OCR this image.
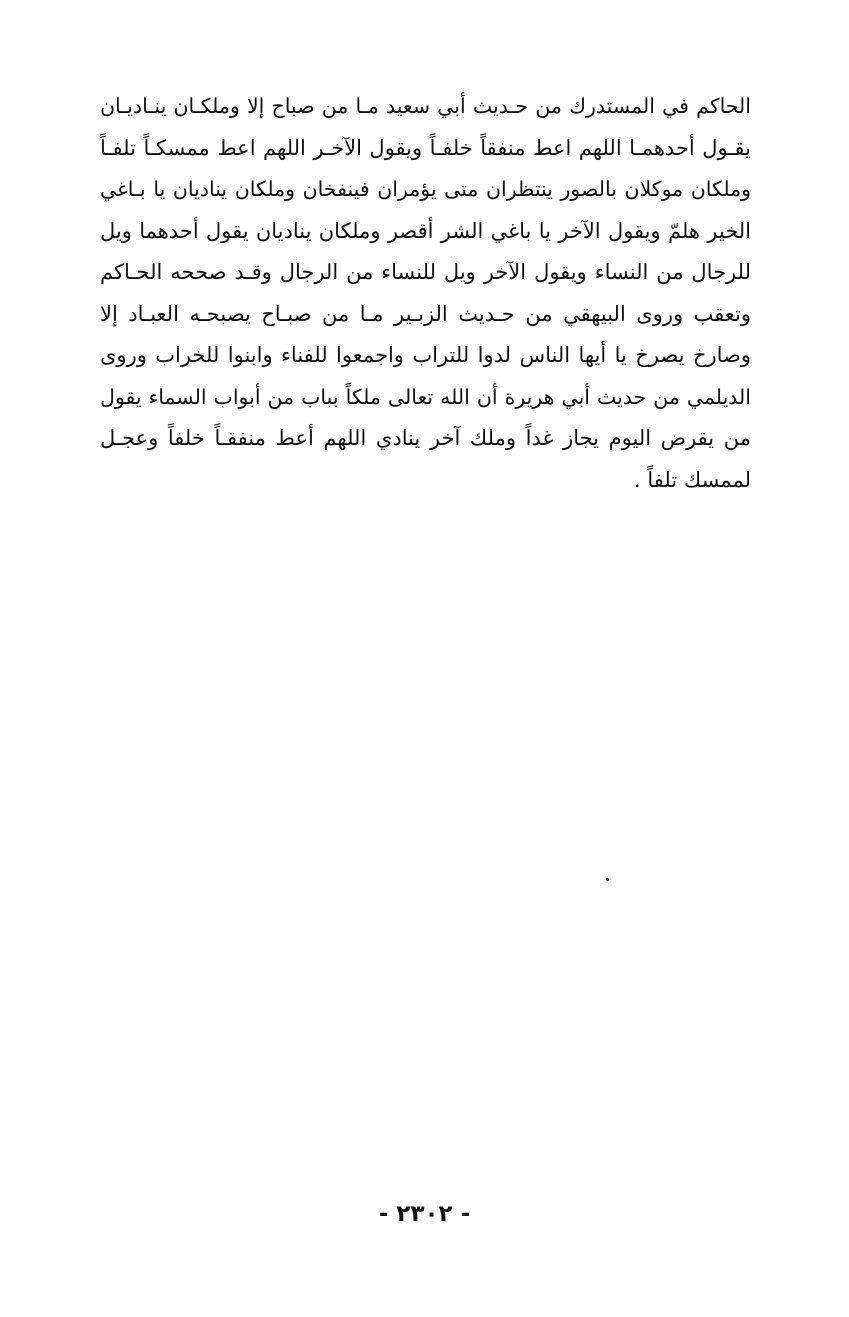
الحاكم في المستدرك من حـديث أبي سعيد مـا من صباح إلا وملكـان ينـاديـان
يقـول أحدهمـا اللهم اعط منفقاً خلفـاً ويقول الآخـر اللهم اعط ممسكـاً تلفـاً
وملكان موكلان بالصور ينتظران متى يؤمران فينفخان وملكان يناديان يا بـاغي
الخير هلمّ ويقول الآخر يا باغي الشر أقصر وملكان يناديان يقول أحدهما ويل
للرجال من النساء ويقول الآخر ويل للنساء من الرجال وقـد صححه الحـاكم
وتعقب وروى البيهقي من حـديث الزبـير مـا من صبـاح يصبحـه العبـاد إلا
وصارخ يصرخ يا أيها الناس لدوا للتراب واجمعوا للفناء وابنوا للخراب وروى
الديلمي من حديث أبي هريرة أن الله تعالى ملكاً بباب من أبواب السماء يقول
من يقرض اليوم يجاز غداً وملك آخر ينادي اللهم أعط منفقـاً خلفاً وعجـل
لممسك تلفاً .
- ٢٣٠٢ -
